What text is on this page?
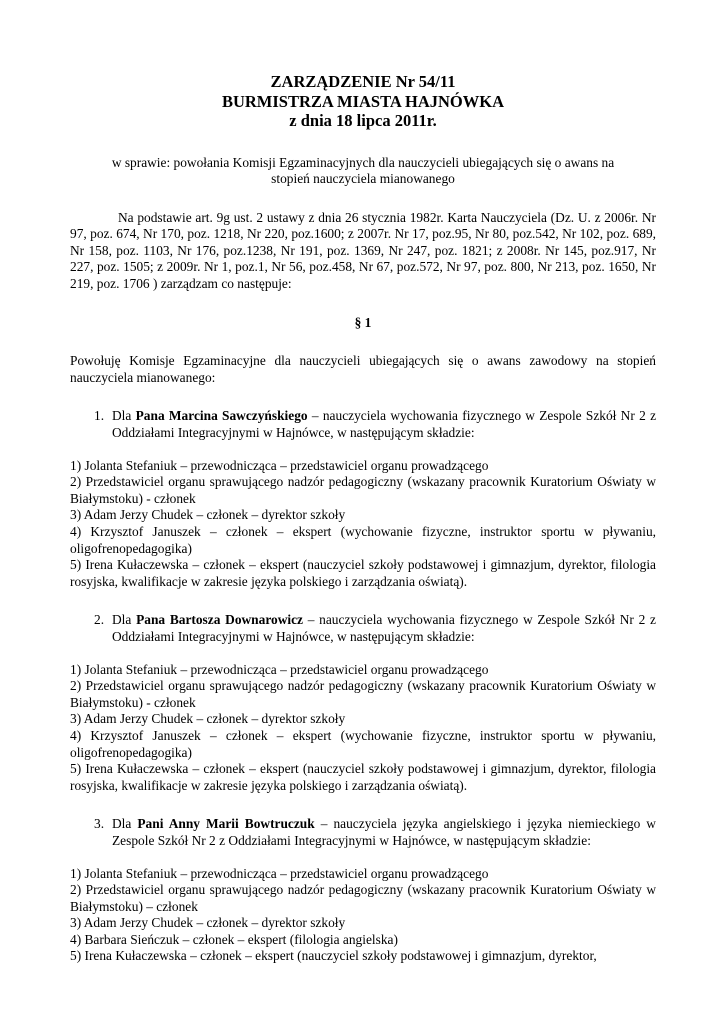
ZARZĄDZENIE Nr 54/11
BURMISTRZA MIASTA HAJNÓWKA
z dnia 18 lipca 2011r.

w sprawie: powołania Komisji Egzaminacyjnych dla nauczycieli ubiegających się o awans na
stopień nauczyciela mianowanego

Na podstawie art. 9g ust. 2 ustawy z dnia 26 stycznia 1982r. Karta Nauczyciela (Dz. U. z 2006r. Nr 97, poz. 674, Nr 170, poz. 1218, Nr 220, poz.1600; z 2007r. Nr 17, poz.95, Nr 80, poz.542, Nr 102, poz. 689, Nr 158, poz. 1103, Nr 176, poz.1238, Nr 191, poz. 1369, Nr 247, poz. 1821; z 2008r. Nr 145, poz.917, Nr 227, poz. 1505; z 2009r. Nr 1, poz.1, Nr 56, poz.458, Nr 67, poz.572, Nr 97, poz. 800, Nr 213, poz. 1650, Nr 219, poz. 1706 ) zarządzam co następuje:

§ 1

Powołuję Komisje Egzaminacyjne dla nauczycieli ubiegających się o awans zawodowy na stopień nauczyciela mianowanego:

1. Dla Pana Marcina Sawczyńskiego – nauczyciela wychowania fizycznego w Zespole Szkół Nr 2 z Oddziałami Integracyjnymi w Hajnówce, w następującym składzie:
1) Jolanta Stefaniuk – przewodnicząca – przedstawiciel organu prowadzącego
2) Przedstawiciel organu sprawującego nadzór pedagogiczny (wskazany pracownik Kuratorium Oświaty w Białymstoku) - członek
3) Adam Jerzy Chudek – członek – dyrektor szkoły
4) Krzysztof Januszek – członek – ekspert (wychowanie fizyczne, instruktor sportu w pływaniu, oligofrenopedagogika)
5) Irena Kułaczewska – członek – ekspert (nauczyciel szkoły podstawowej i gimnazjum, dyrektor, filologia rosyjska, kwalifikacje w zakresie języka polskiego i zarządzania oświatą).
2. Dla Pana Bartosza Downarowicz – nauczyciela wychowania fizycznego w Zespole Szkół Nr 2 z Oddziałami Integracyjnymi w Hajnówce, w następującym składzie:
1) Jolanta Stefaniuk – przewodnicząca – przedstawiciel organu prowadzącego
2) Przedstawiciel organu sprawującego nadzór pedagogiczny (wskazany pracownik Kuratorium Oświaty w Białymstoku) - członek
3) Adam Jerzy Chudek – członek – dyrektor szkoły
4) Krzysztof Januszek – członek – ekspert (wychowanie fizyczne, instruktor sportu w pływaniu, oligofrenopedagogika)
5) Irena Kułaczewska – członek – ekspert (nauczyciel szkoły podstawowej i gimnazjum, dyrektor, filologia rosyjska, kwalifikacje w zakresie języka polskiego i zarządzania oświatą).
3. Dla Pani Anny Marii Bowtruczuk – nauczyciela języka angielskiego i języka niemieckiego w Zespole Szkół Nr 2 z Oddziałami Integracyjnymi w Hajnówce, w następującym składzie:
1) Jolanta Stefaniuk – przewodnicząca – przedstawiciel organu prowadzącego
2) Przedstawiciel organu sprawującego nadzór pedagogiczny (wskazany pracownik Kuratorium Oświaty w Białymstoku) – członek
3) Adam Jerzy Chudek – członek – dyrektor szkoły
4) Barbara Sieńczuk – członek – ekspert (filologia angielska)
5) Irena Kułaczewska – członek – ekspert (nauczyciel szkoły podstawowej i gimnazjum, dyrektor,
